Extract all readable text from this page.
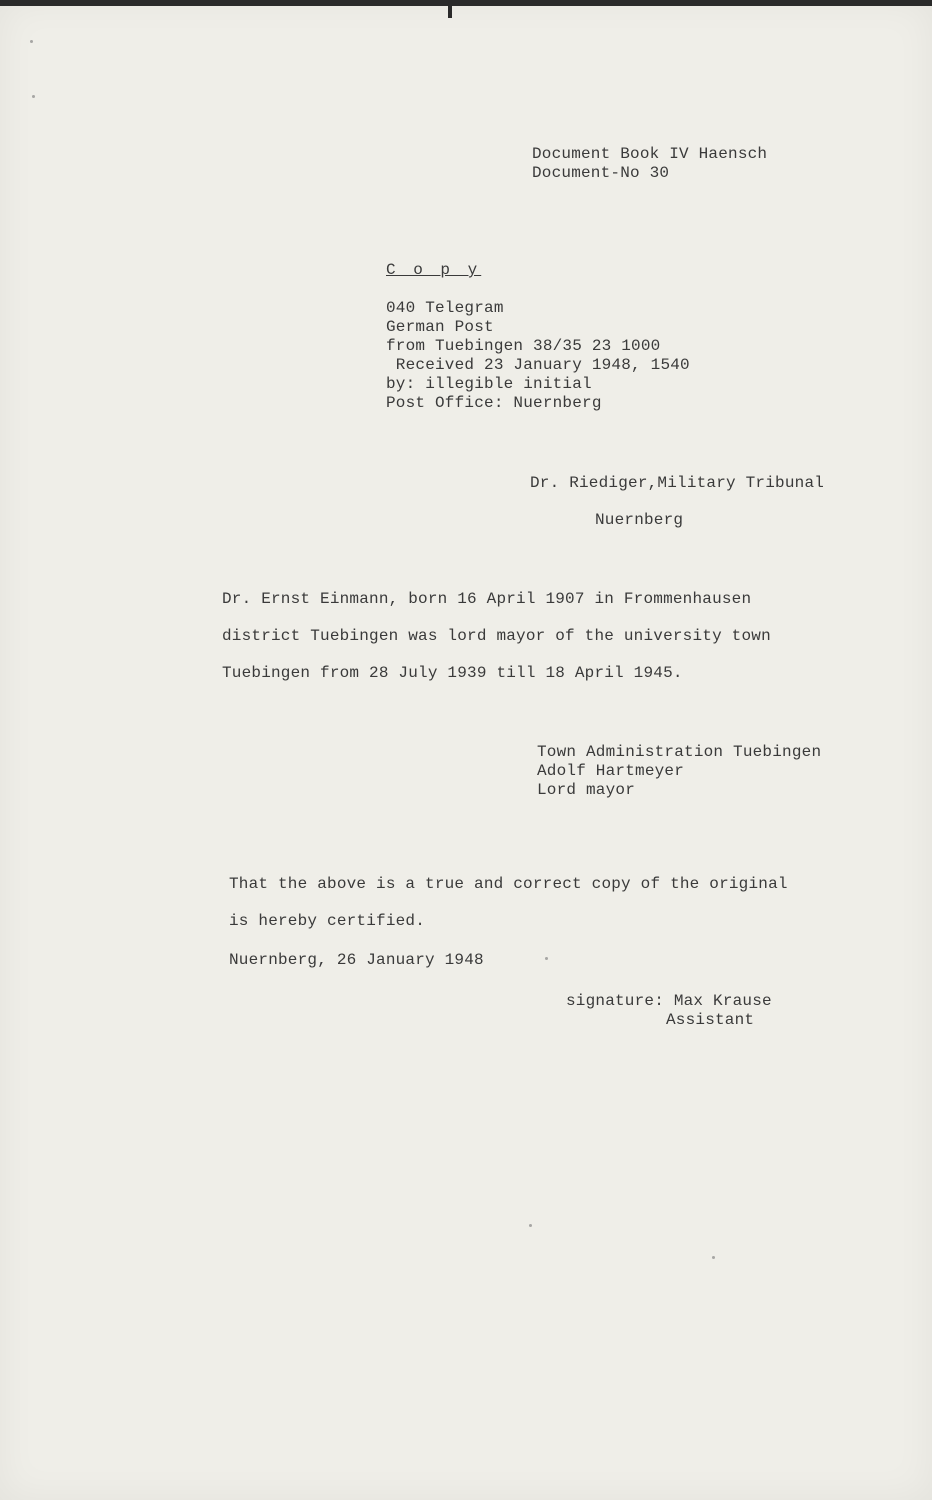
Document Book IV Haensch
Document-No 30
C o p y
040 Telegram
German Post
from Tuebingen 38/35 23 1000
Received 23 January 1948, 1540
by: illegible initial
Post Office: Nuernberg
Dr. Riediger,Military Tribunal
Nuernberg
Dr. Ernst Einmann, born 16 April 1907 in Frommenhausen
district Tuebingen was lord mayor of the university town
Tuebingen from 28 July 1939 till 18 April 1945.
Town Administration Tuebingen
Adolf Hartmeyer
Lord mayor
That the above is a true and correct copy of the original
is hereby certified.
Nuernberg, 26 January 1948
signature: Max Krause
Assistant
